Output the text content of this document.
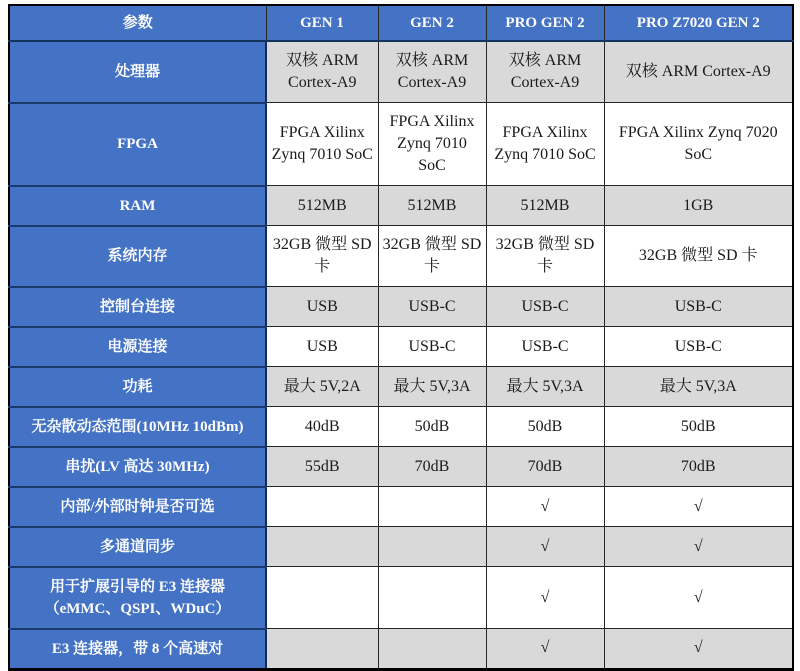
参数	GEN 1	GEN 2	PRO GEN 2	PRO Z7020 GEN 2
处理器	双核 ARM Cortex-A9	双核 ARM Cortex-A9	双核 ARM Cortex-A9	双核 ARM Cortex-A9
FPGA	FPGA Xilinx Zynq 7010 SoC	FPGA Xilinx Zynq 7010 SoC	FPGA Xilinx Zynq 7010 SoC	FPGA Xilinx Zynq 7020 SoC
RAM	512MB	512MB	512MB	1GB
系统内存	32GB 微型 SD 卡	32GB 微型 SD 卡	32GB 微型 SD 卡	32GB 微型 SD 卡
控制台连接	USB	USB-C	USB-C	USB-C
电源连接	USB	USB-C	USB-C	USB-C
功耗	最大 5V,2A	最大 5V,3A	最大 5V,3A	最大 5V,3A
无杂散动态范围(10MHz 10dBm)	40dB	50dB	50dB	50dB
串扰(LV 高达 30MHz)	55dB	70dB	70dB	70dB
内部/外部时钟是否可选			√	√
多通道同步			√	√
用于扩展引导的 E3 连接器（eMMC、QSPI、WDuC）			√	√
E3 连接器，带 8 个高速对			√	√
